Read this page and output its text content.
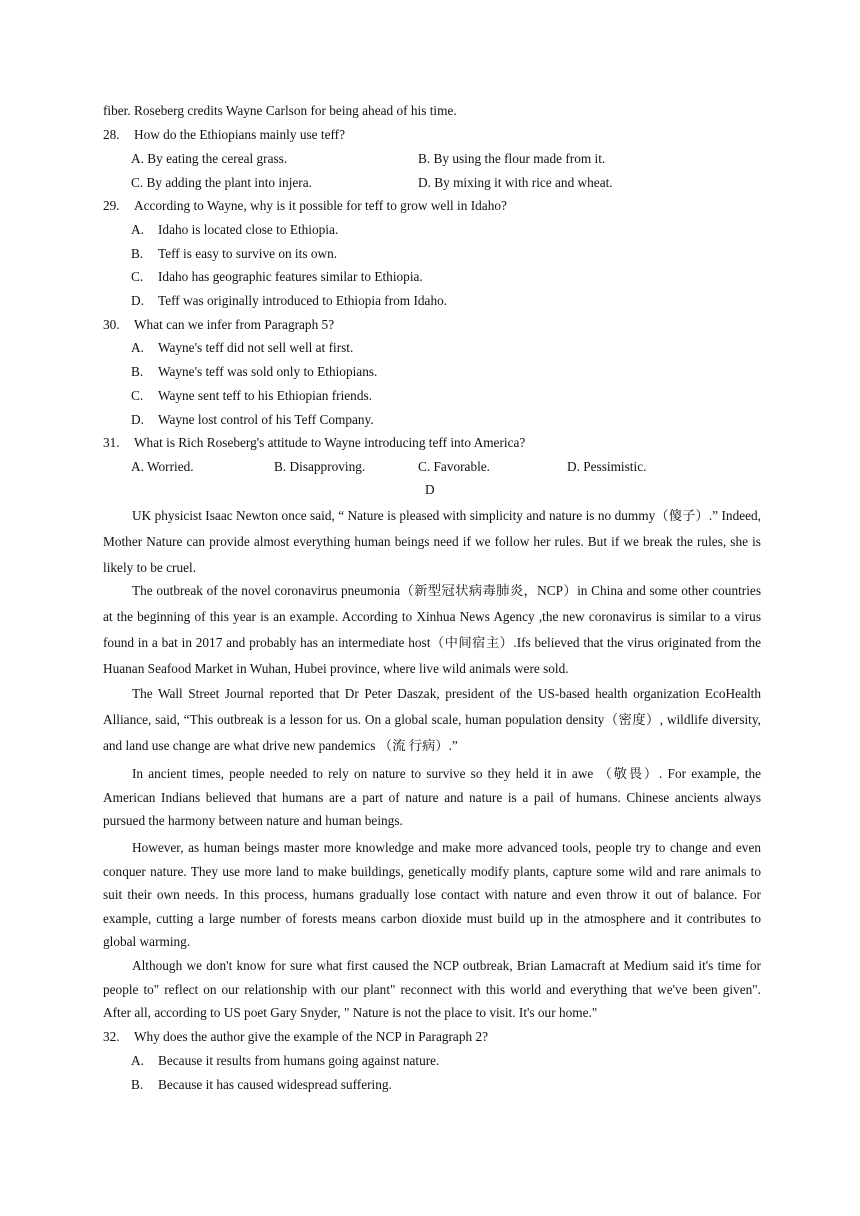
fiber. Roseberg credits Wayne Carlson for being ahead of his time.
28. How do the Ethiopians mainly use teff?
A. By eating the cereal grass.	B. By using the flour made from it.
C. By adding the plant into injera.	D. By mixing it with rice and wheat.
29. According to Wayne, why is it possible for teff to grow well in Idaho?
A. Idaho is located close to Ethiopia.
B. Teff is easy to survive on its own.
C. Idaho has geographic features similar to Ethiopia.
D. Teff was originally introduced to Ethiopia from Idaho.
30. What can we infer from Paragraph 5?
A. Wayne's teff did not sell well at first.
B. Wayne's teff was sold only to Ethiopians.
C. Wayne sent teff to his Ethiopian friends.
D. Wayne lost control of his Teff Company.
31. What is Rich Roseberg's attitude to Wayne introducing teff into America?
A. Worried.	B. Disapproving.	C. Favorable.	D. Pessimistic.
D
UK physicist Isaac Newton once said, “ Nature is pleased with simplicity and nature is no dummy（傻子）.” Indeed, Mother Nature can provide almost everything human beings need if we follow her rules. But if we break the rules, she is likely to be cruel.
The outbreak of the novel coronavirus pneumonia（新型冠状病毒肺炎，NCP）in China and some other countries at the beginning of this year is an example. According to Xinhua News Agency ,the new coronavirus is similar to a virus found in a bat in 2017 and probably has an intermediate host（中间宿主）.Ifs believed that the virus originated from the Huanan Seafood Market in Wuhan, Hubei province, where live wild animals were sold.
The Wall Street Journal reported that Dr Peter Daszak, president of the US-based health organization EcoHealth Alliance, said, “This outbreak is a lesson for us. On a global scale, human population density（密度）, wildlife diversity, and land use change are what drive new pandemics （流 行病）.”
In ancient times, people needed to rely on nature to survive so they held it in awe （敬畏）. For example, the American Indians believed that humans are a part of nature and nature is a pail of humans. Chinese ancients always pursued the harmony between nature and human beings.
However, as human beings master more knowledge and make more advanced tools, people try to change and even conquer nature. They use more land to make buildings, genetically modify plants, capture some wild and rare animals to suit their own needs. In this process, humans gradually lose contact with nature and even throw it out of balance. For example, cutting a large number of forests means carbon dioxide must build up in the atmosphere and it contributes to global warming.
Although we don't know for sure what first caused the NCP outbreak, Brian Lamacraft at Medium said it's time for people to" reflect on our relationship with our plant" reconnect with this world and everything that we've been given". After all, according to US poet Gary Snyder, " Nature is not the place to visit. It's our home."
32. Why does the author give the example of the NCP in Paragraph 2?
A. Because it results from humans going against nature.
B. Because it has caused widespread suffering.
